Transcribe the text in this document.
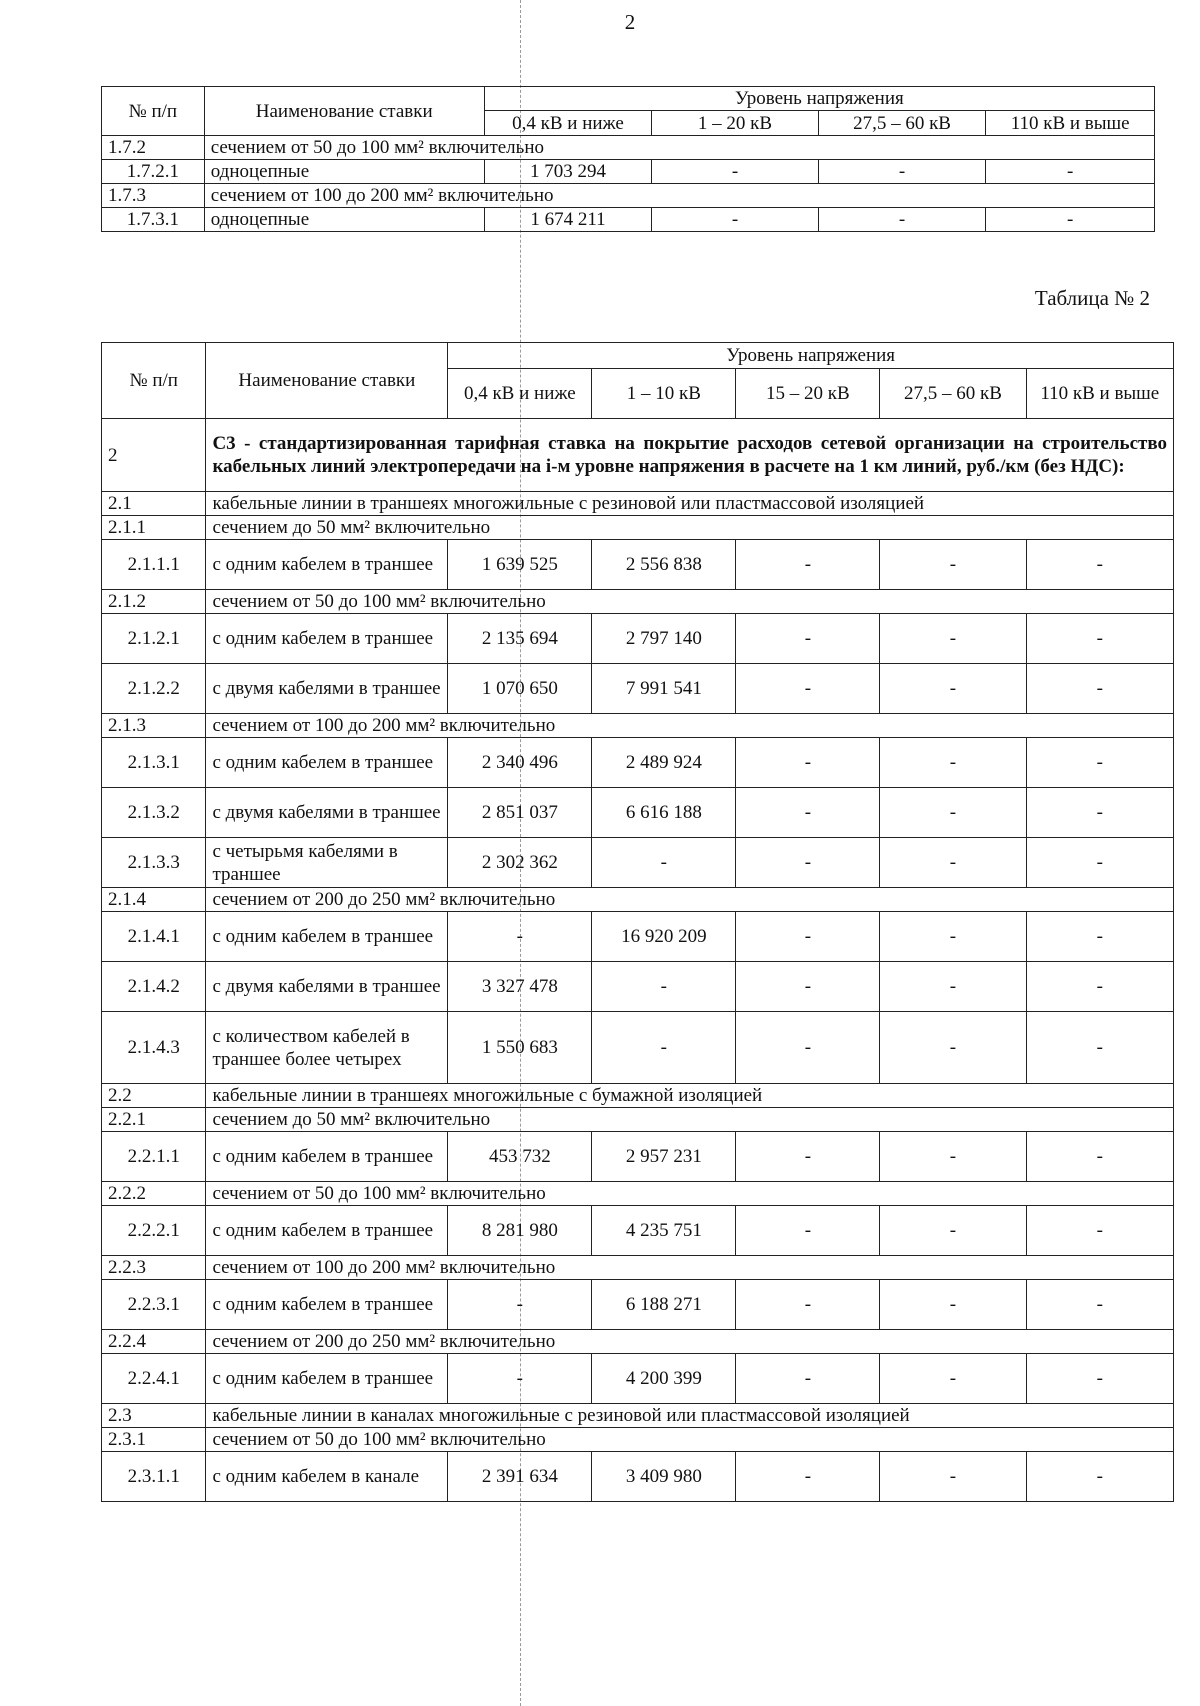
2
№ п/п	Наименование ставки	Уровень напряжения			
		0,4 кВ и ниже	1 – 20 кВ	27,5 – 60 кВ	110 кВ и выше
1.7.2	сечением от 50 до 100 мм² включительно				
1.7.2.1	одноцепные	1 703 294	-	-	-
1.7.3	сечением от 100 до 200 мм² включительно				
1.7.3.1	одноцепные	1 674 211	-	-	-
Таблица № 2
№ п/п	Наименование ставки	Уровень напряжения				
		0,4 кВ и ниже	1 – 10 кВ	15 – 20 кВ	27,5 – 60 кВ	110 кВ и выше
2	С3 - стандартизированная тарифная ставка на покрытие расходов сетевой организации на строительство кабельных линий электропередачи на i-м уровне напряжения в расчете на 1 км линий, руб./км (без НДС):					
2.1	кабельные линии в траншеях многожильные с резиновой или пластмассовой изоляцией					
2.1.1	сечением до 50 мм² включительно					
2.1.1.1	с одним кабелем в траншее	1 639 525	2 556 838	-	-	-
2.1.2	сечением от 50 до 100 мм² включительно					
2.1.2.1	с одним кабелем в траншее	2 135 694	2 797 140	-	-	-
2.1.2.2	с двумя кабелями в траншее	1 070 650	7 991 541	-	-	-
2.1.3	сечением от 100 до 200 мм² включительно					
2.1.3.1	с одним кабелем в траншее	2 340 496	2 489 924	-	-	-
2.1.3.2	с двумя кабелями в траншее	2 851 037	6 616 188	-	-	-
2.1.3.3	с четырьмя кабелями в траншее	2 302 362	-	-	-	-
2.1.4	сечением от 200 до 250 мм² включительно					
2.1.4.1	с одним кабелем в траншее	-	16 920 209	-	-	-
2.1.4.2	с двумя кабелями в траншее	3 327 478	-	-	-	-
2.1.4.3	с количеством кабелей в траншее более четырех	1 550 683	-	-	-	-
2.2	кабельные линии в траншеях многожильные с бумажной изоляцией					
2.2.1	сечением до 50 мм² включительно					
2.2.1.1	с одним кабелем в траншее	453 732	2 957 231	-	-	-
2.2.2	сечением от 50 до 100 мм² включительно					
2.2.2.1	с одним кабелем в траншее	8 281 980	4 235 751	-	-	-
2.2.3	сечением от 100 до 200 мм² включительно					
2.2.3.1	с одним кабелем в траншее	-	6 188 271	-	-	-
2.2.4	сечением от 200 до 250 мм² включительно					
2.2.4.1	с одним кабелем в траншее	-	4 200 399	-	-	-
2.3	кабельные линии в каналах многожильные с резиновой или пластмассовой изоляцией					
2.3.1	сечением от 50 до 100 мм² включительно					
2.3.1.1	с одним кабелем в канале	2 391 634	3 409 980	-	-	-
